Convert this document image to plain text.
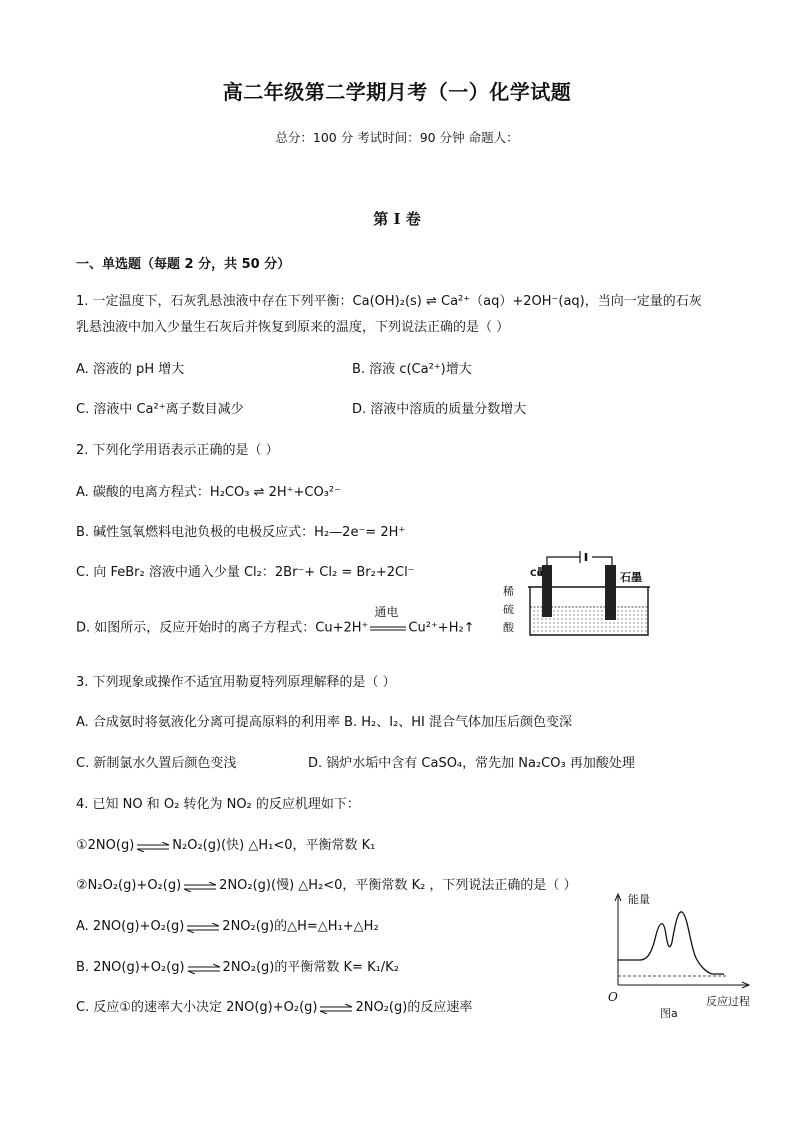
高二年级第二学期月考（一）化学试题
总分：100 分 考试时间：90 分钟 命题人：
第 I 卷
一、单选题（每题 2 分，共 50 分）
1. 一定温度下，石灰乳悬浊液中存在下列平衡：Ca(OH)₂(s) ⇌ Ca²⁺（aq）+2OH⁻(aq)，当向一定量的石灰
乳悬浊液中加入少量生石灰后并恢复到原来的温度，下列说法正确的是（ ）
A. 溶液的 pH 增大	B. 溶液 c(Ca²⁺)增大
C. 溶液中 Ca²⁺离子数目减少	D. 溶液中溶质的质量分数增大
2. 下列化学用语表示正确的是（ ）
A. 碳酸的电离方程式：H₂CO₃ ⇌ 2H⁺+CO₃²⁻
B. 碱性氢氧燃料电池负极的电极反应式：H₂—2e⁻= 2H⁺
C. 向 FeBr₂ 溶液中通入少量 Cl₂：2Br⁻+ Cl₂ = Br₂+2Cl⁻
D. 如图所示，反应开始时的离子方程式：Cu+2H⁺
通电
Cu²⁺+H₂↑
Cu	石墨
稀
硫
酸
3. 下列现象或操作不适宜用勒夏特列原理解释的是（ ）
A. 合成氨时将氨液化分离可提高原料的利用率 B. H₂、I₂、HI 混合气体加压后颜色变深
C. 新制氯水久置后颜色变浅	D. 锅炉水垢中含有 CaSO₄，常先加 Na₂CO₃ 再加酸处理
4. 已知 NO 和 O₂ 转化为 NO₂ 的反应机理如下：
①2NO(g)⇌N₂O₂(g)(快) △H₁<0，平衡常数 K₁
②N₂O₂(g)+O₂(g)⇌2NO₂(g)(慢) △H₂<0，平衡常数 K₂ ，下列说法正确的是（ ）
A. 2NO(g)+O₂(g)⇌2NO₂(g)的△H=△H₁+△H₂
B. 2NO(g)+O₂(g)⇌2NO₂(g)的平衡常数 K= K₁/K₂
C. 反应①的速率大小决定 2NO(g)+O₂(g)⇌2NO₂(g)的反应速率
能量
O	反应过程
图a
